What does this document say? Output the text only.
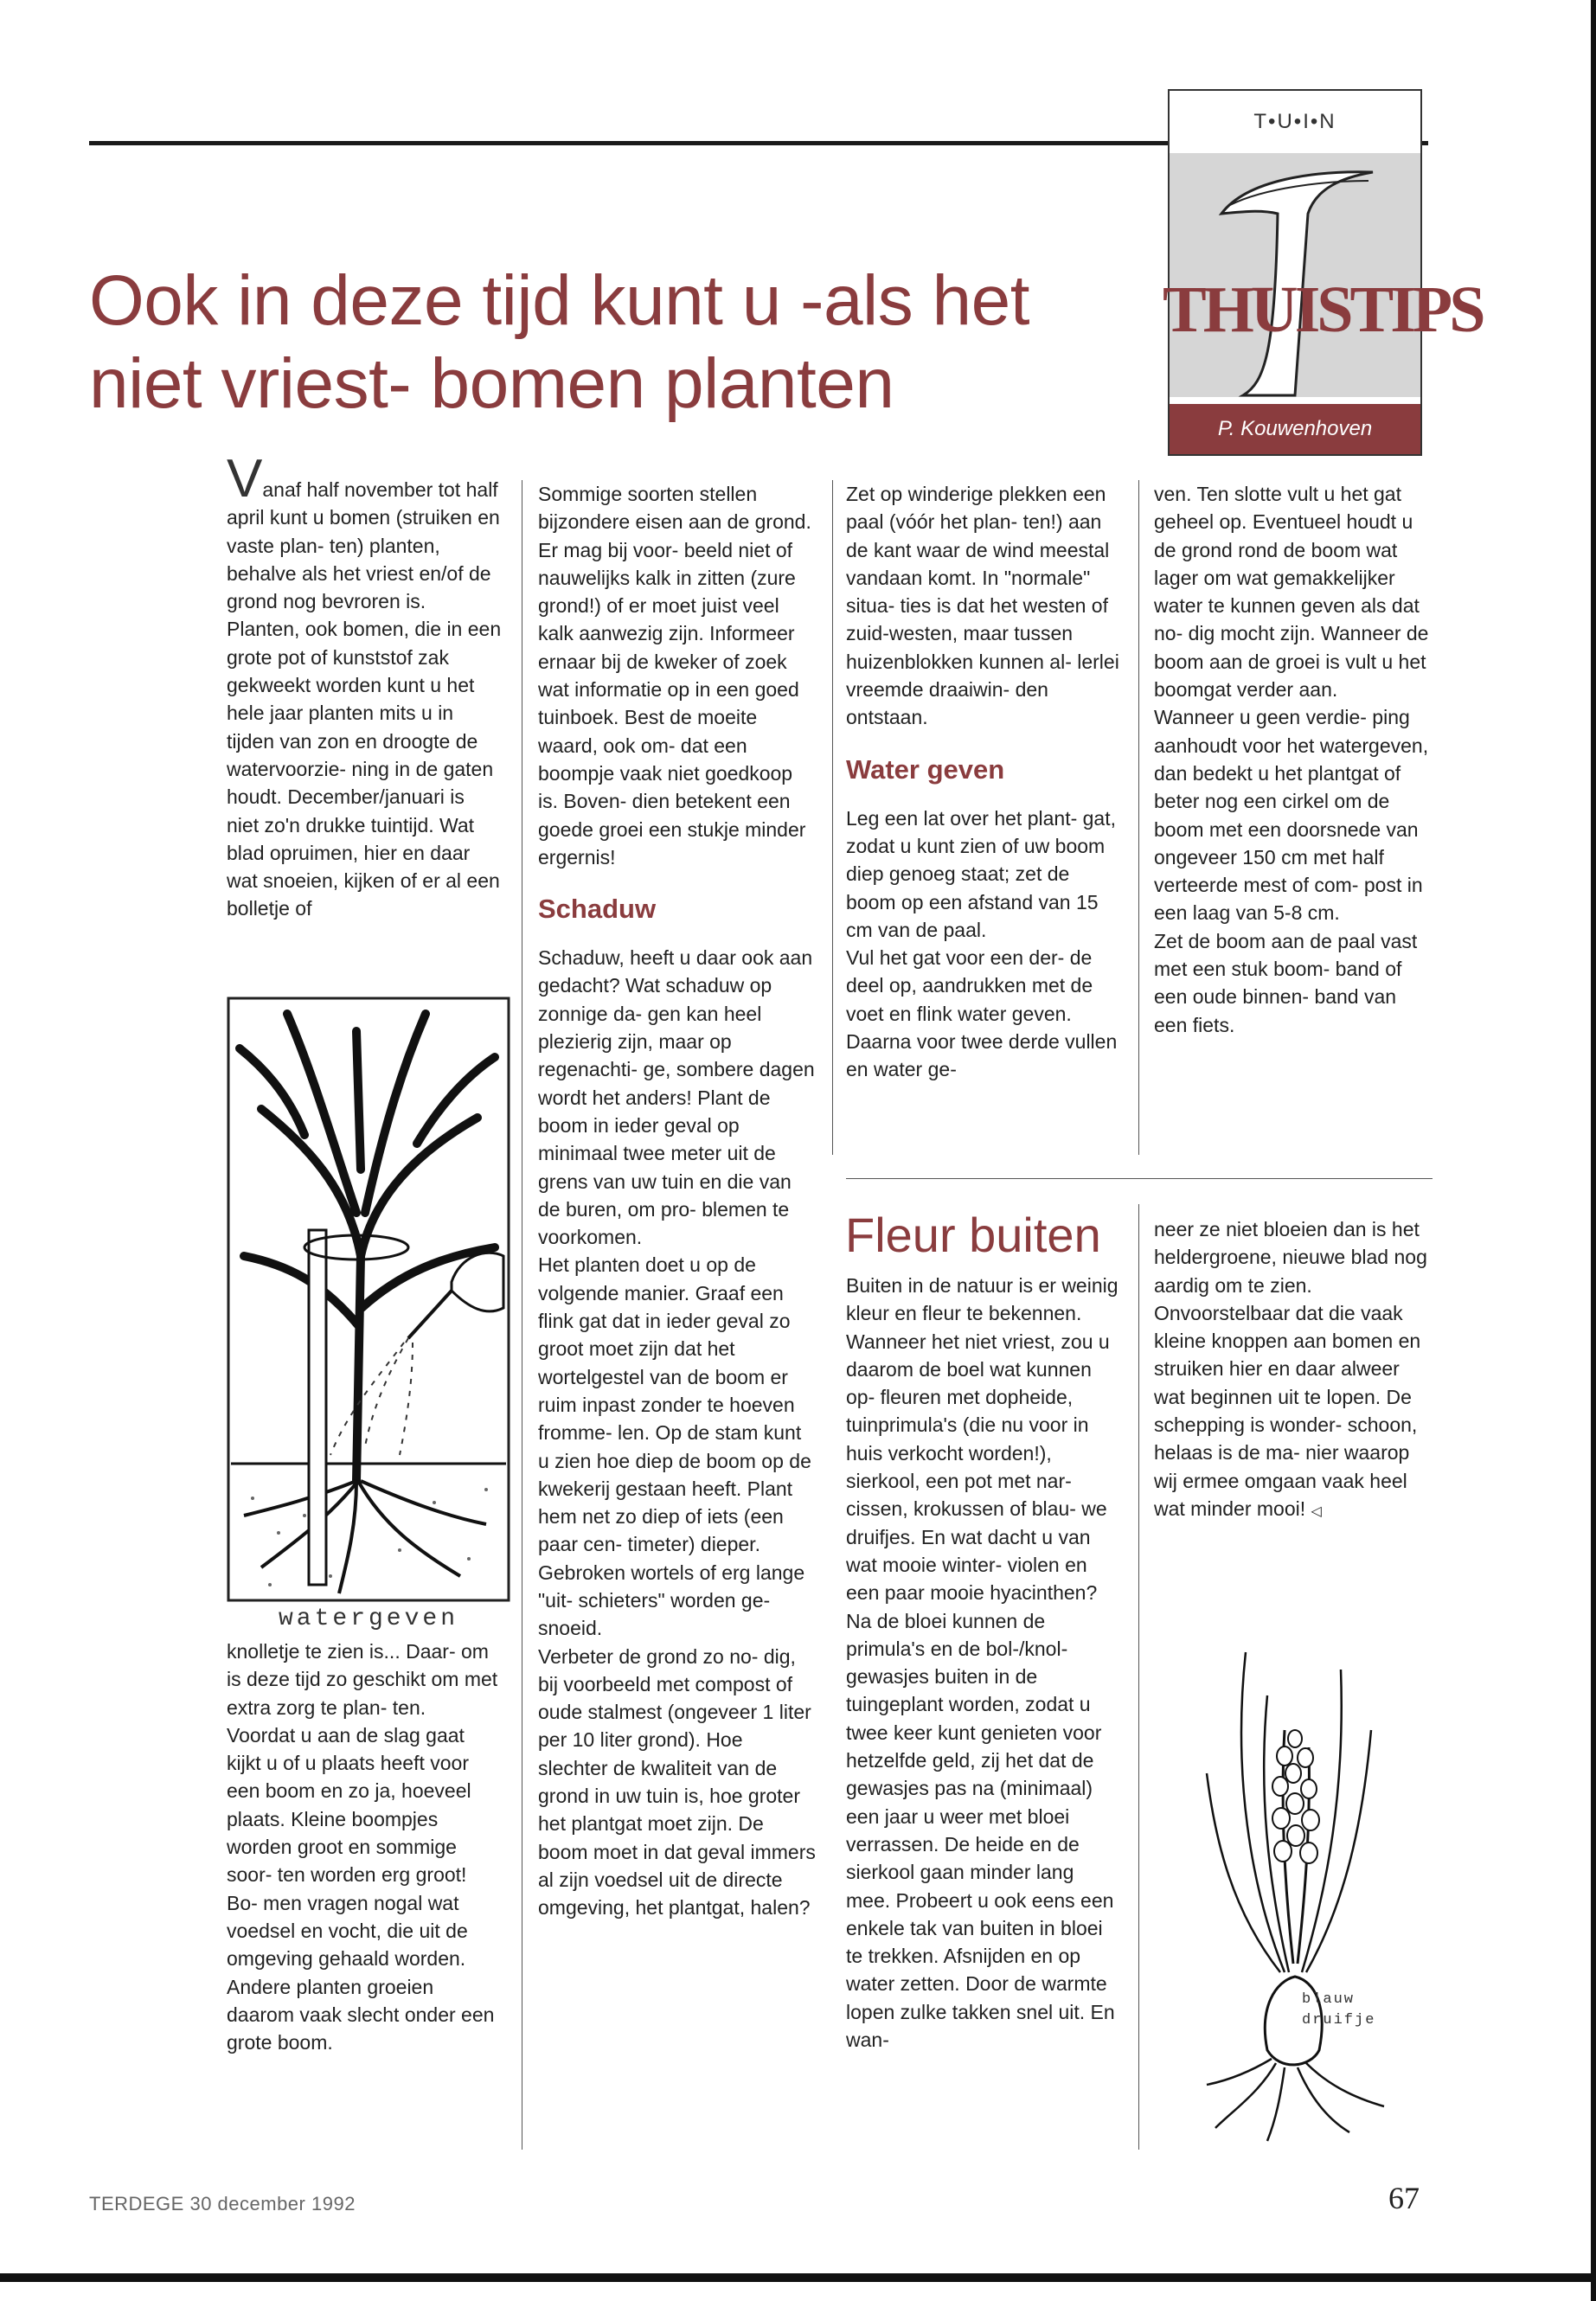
Ook in deze tijd kunt u -als het
niet vriest- bomen planten
T•U•I•N
THUISTIPS
P. Kouwenhoven

Vanaf half november tot half april kunt u bomen (struiken en vaste plan- ten) planten, behalve als het vriest en/of de grond nog bevroren is. Planten, ook bomen, die in een grote pot of kunststof zak gekweekt worden kunt u het hele jaar planten mits u in tijden van zon en droogte de watervoorzie- ning in de gaten houdt. December/januari is niet zo'n drukke tuintijd. Wat blad opruimen, hier en daar wat snoeien, kijken of er al een bolletje of

watergeven

knolletje te zien is... Daar- om is deze tijd zo geschikt om met extra zorg te plan- ten.

Voordat u aan de slag gaat kijkt u of u plaats heeft voor een boom en zo ja, hoeveel plaats. Kleine boompjes worden groot en sommige soor- ten worden erg groot! Bo- men vragen nogal wat voedsel en vocht, die uit de omgeving gehaald worden. Andere planten groeien daarom vaak slecht onder een grote boom.

Sommige soorten stellen bijzondere eisen aan de grond. Er mag bij voor- beeld niet of nauwelijks kalk in zitten (zure grond!) of er moet juist veel kalk aanwezig zijn. Informeer ernaar bij de kweker of zoek wat informatie op in een goed tuinboek. Best de moeite waard, ook om- dat een boompje vaak niet goedkoop is. Boven- dien betekent een goede groei een stukje minder ergernis!

Schaduw

Schaduw, heeft u daar ook aan gedacht? Wat schaduw op zonnige da- gen kan heel plezierig zijn, maar op regenachti- ge, sombere dagen wordt het anders! Plant de boom in ieder geval op minimaal twee meter uit de grens van uw tuin en die van de buren, om pro- blemen te voorkomen.

Het planten doet u op de volgende manier. Graaf een flink gat dat in ieder geval zo groot moet zijn dat het wortelgestel van de boom er ruim inpast zonder te hoeven fromme- len. Op de stam kunt u zien hoe diep de boom op de kwekerij gestaan heeft. Plant hem net zo diep of iets (een paar cen- timeter) dieper. Gebroken wortels of erg lange "uit- schieters" worden ge- snoeid.

Verbeter de grond zo no- dig, bij voorbeeld met compost of oude stalmest (ongeveer 1 liter per 10 liter grond). Hoe slechter de kwaliteit van de grond in uw tuin is, hoe groter het plantgat moet zijn. De boom moet in dat geval immers al zijn voedsel uit de directe omgeving, het plantgat, halen?

Zet op winderige plekken een paal (vóór het plan- ten!) aan de kant waar de wind meestal vandaan komt. In "normale" situa- ties is dat het westen of zuid-westen, maar tussen huizenblokken kunnen al- lerlei vreemde draaiwin- den ontstaan.

Water geven

Leg een lat over het plant- gat, zodat u kunt zien of uw boom diep genoeg staat; zet de boom op een afstand van 15 cm van de paal.

Vul het gat voor een der- de deel op, aandrukken met de voet en flink water geven. Daarna voor twee derde vullen en water ge-

ven. Ten slotte vult u het gat geheel op. Eventueel houdt u de grond rond de boom wat lager om wat gemakkelijker water te kunnen geven als dat no- dig mocht zijn. Wanneer de boom aan de groei is vult u het boomgat verder aan.

Wanneer u geen verdie- ping aanhoudt voor het watergeven, dan bedekt u het plantgat of beter nog een cirkel om de boom met een doorsnede van ongeveer 150 cm met half verteerde mest of com- post in een laag van 5-8 cm.

Zet de boom aan de paal vast met een stuk boom- band of een oude binnen- band van een fiets.

Fleur buiten

Buiten in de natuur is er weinig kleur en fleur te bekennen. Wanneer het niet vriest, zou u daarom de boel wat kunnen op- fleuren met dopheide, tuinprimula's (die nu voor in huis verkocht worden!), sierkool, een pot met nar- cissen, krokussen of blau- we druifjes. En wat dacht u van wat mooie winter- violen en een paar mooie hyacinthen?

Na de bloei kunnen de primula's en de bol-/knol- gewasjes buiten in de tuingeplant worden, zodat u twee keer kunt genieten voor hetzelfde geld, zij het dat de gewasjes pas na (minimaal) een jaar u weer met bloei verrassen. De heide en de sierkool gaan minder lang mee. Probeert u ook eens een enkele tak van buiten in bloei te trekken. Afsnijden en op water zetten. Door de warmte lopen zulke takken snel uit. En wan-

neer ze niet bloeien dan is het heldergroene, nieuwe blad nog aardig om te zien. Onvoorstelbaar dat die vaak kleine knoppen aan bomen en struiken hier en daar alweer wat beginnen uit te lopen. De schepping is wonder- schoon, helaas is de ma- nier waarop wij ermee omgaan vaak heel wat minder mooi! ◁

blauw
druifje
TERDEGE 30 december 1992	67
